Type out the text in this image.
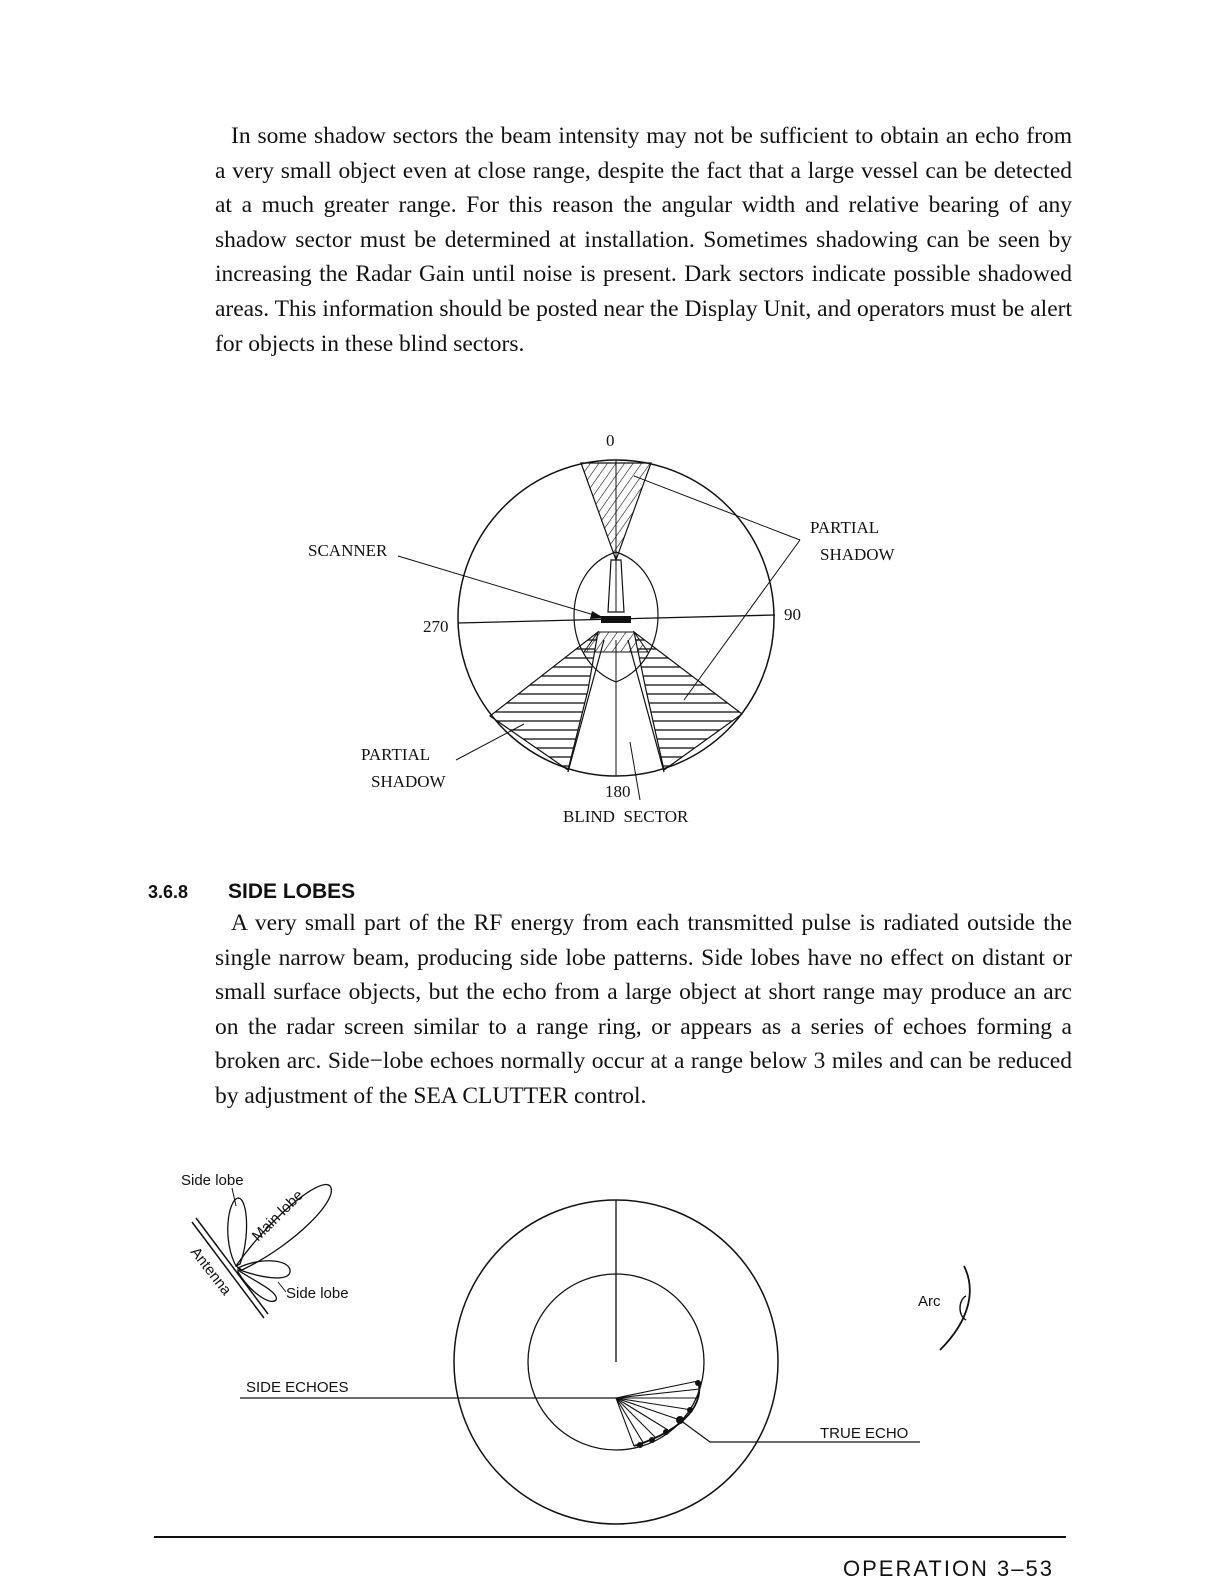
In some shadow sectors the beam intensity may not be sufficient to obtain an echo from a very small object even at close range, despite the fact that a large vessel can be detected at a much greater range. For this reason the angular width and relative bearing of any shadow sector must be determined at installation. Sometimes shadowing can be seen by increasing the Radar Gain until noise is present. Dark sectors indicate possible shadowed areas. This information should be posted near the Display Unit, and operators must be alert for objects in these blind sectors.

0
90
270
180
SCANNER
PARTIAL
SHADOW
PARTIAL
SHADOW
BLIND  SECTOR
Side lobe
Main lobe
Antenna	Side lobe
SIDE ECHOES
TRUE ECHO
Arc
3.6.8 SIDE LOBES

A very small part of the RF energy from each transmitted pulse is radiated outside the single narrow beam, producing side lobe patterns. Side lobes have no effect on distant or small surface objects, but the echo from a large object at short range may produce an arc on the radar screen similar to a range ring, or appears as a series of echoes forming a broken arc. Side−lobe echoes normally occur at a range below 3 miles and can be reduced by adjustment of the SEA CLUTTER control.

OPERATION 3–53
